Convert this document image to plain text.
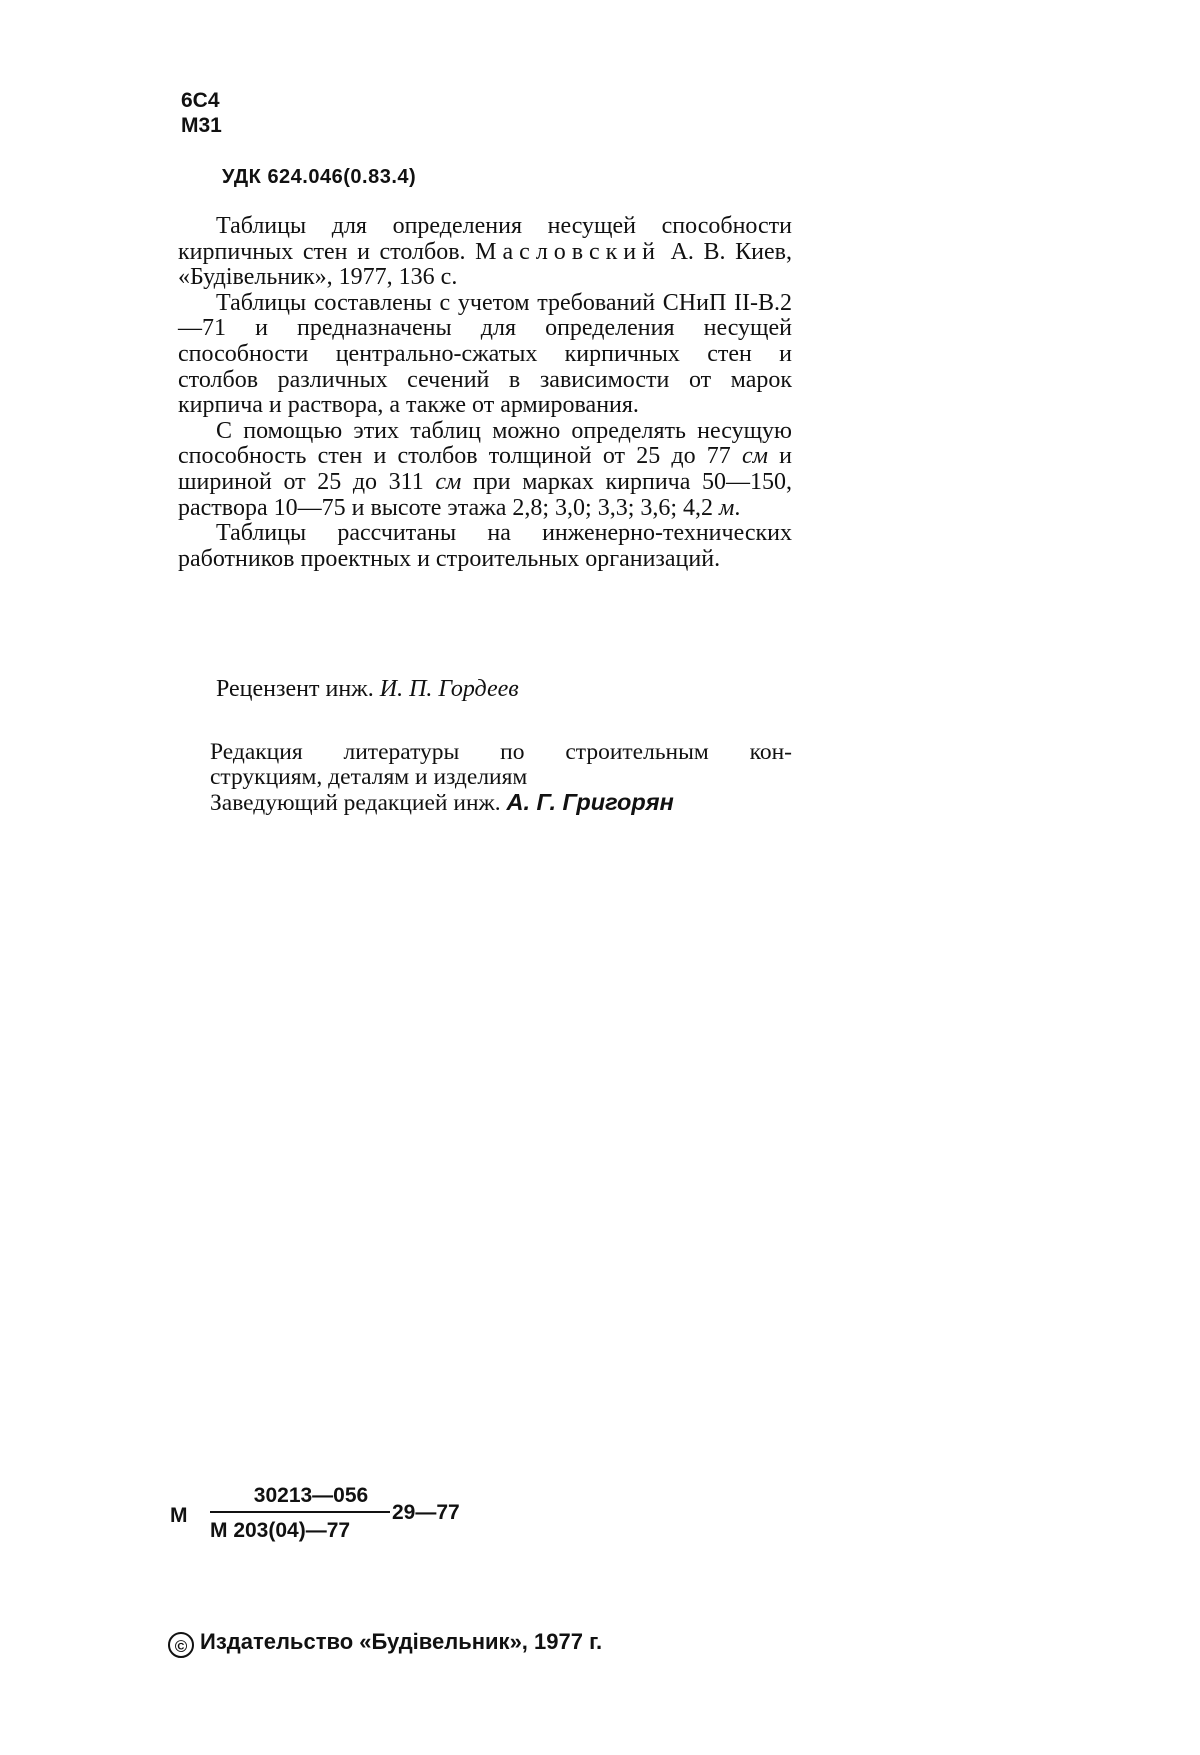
6С4
М31
УДК 624.046(0.83.4)

Таблицы для определения несущей способности кирпичных стен и столбов. Масловский А. В. Киев, «Будівельник», 1977, 136 с.

Таблицы составлены с учетом требований СНиП II-В.2—71 и предназначены для определения несущей способности центрально-сжатых кирпичных стен и столбов различных сечений в зависимости от марок кирпича и раствора, а также от армирования.

С помощью этих таблиц можно определять несущую способность стен и столбов толщиной от 25 до 77 см и шириной от 25 до 311 см при марках кирпича 50—150, раствора 10—75 и высоте этажа 2,8; 3,0; 3,3; 3,6; 4,2 м.

Таблицы рассчитаны на инженерно-технических работников проектных и строительных организаций.

Рецензент инж. И. П. Гордеев

Редакция литературы по строительным кон-

струкциям, деталям и изделиям

Заведующий редакцией инж. А. Г. Григорян

М
30213—056
М 203(04)—77
29—77
© Издательство «Будівельник», 1977 г.
